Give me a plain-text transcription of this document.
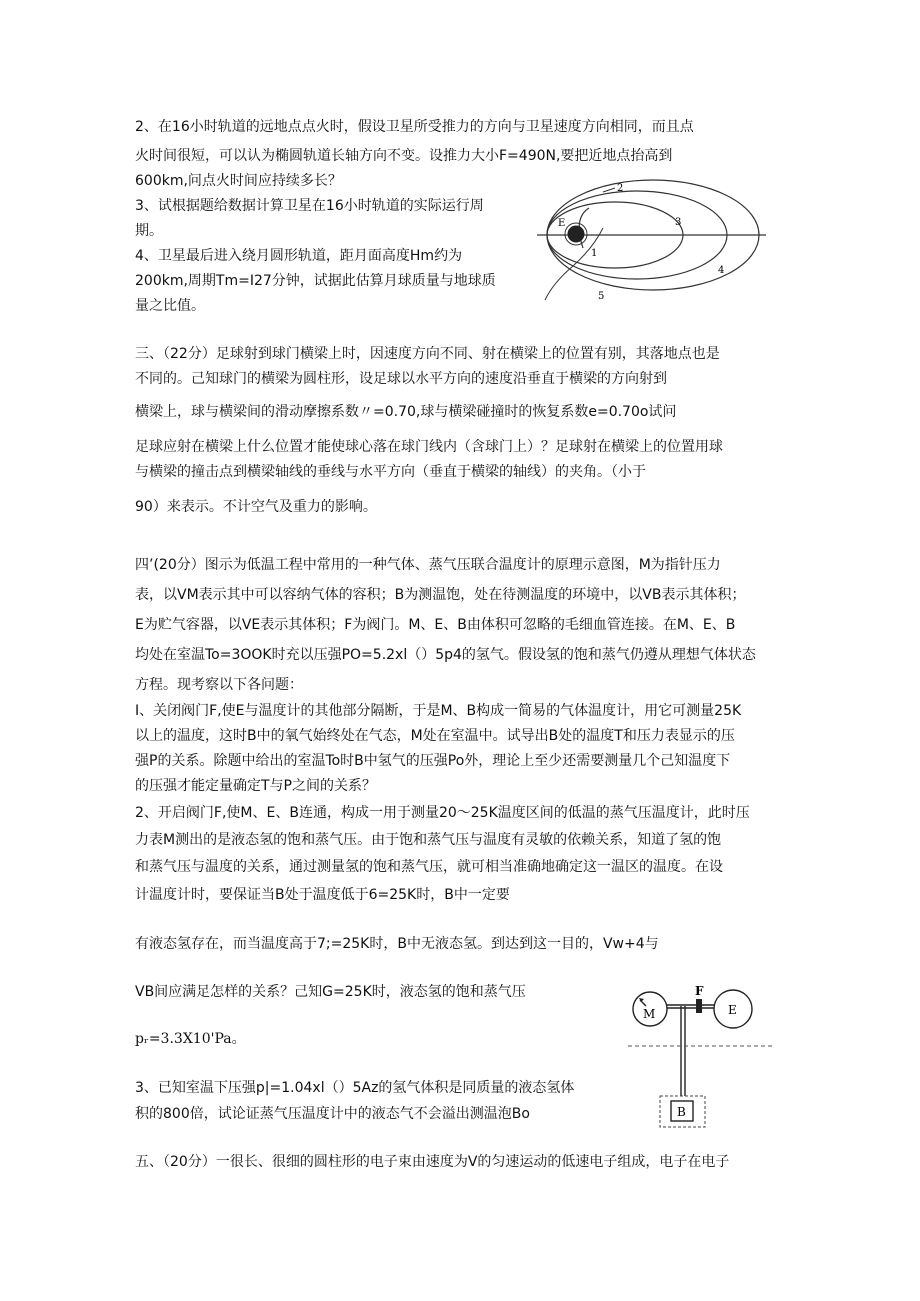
2、在16小时轨道的远地点点火时，假设卫星所受推力的方向与卫星速度方向相同，而且点
火时间很短，可以认为椭圆轨道长轴方向不变。设推力大小F=490N,要把近地点抬高到
600km,问点火时间应持续多长？
3、试根据题给数据计算卫星在16小时轨道的实际运行周
期。
4、卫星最后进入绕月圆形轨道，距月面高度Hm约为
200km,周期Tm=I27分钟，试据此估算月球质量与地球质
量之比值。
E
1
2
3
4
5
三、（22分）足球射到球门横梁上时，因速度方向不同、射在横梁上的位置有别，其落地点也是
不同的。己知球门的横梁为圆柱形，设足球以水平方向的速度沿垂直于横梁的方向射到
横梁上，球与横梁间的滑动摩擦系数〃=0.70,球与横梁碰撞时的恢复系数e=0.70o试问
足球应射在横梁上什么位置才能使球心落在球门线内（含球门上）？足球射在横梁上的位置用球
与横梁的撞击点到横梁轴线的垂线与水平方向（垂直于横梁的轴线）的夹角。（小于
90）来表示。不计空气及重力的影响。
四’(20分）图示为低温工程中常用的一种气体、蒸气压联合温度计的原理示意图，M为指针压力
表，以VM表示其中可以容纳气体的容积；B为测温饱，处在待测温度的环境中，以VB表示其体积；
E为贮气容器，以VE表示其体积；F为阀门。M、E、B由体积可忽略的毛细血管连接。在M、E、B
均处在室温To=3OOK时充以压强PO=5.2xl（）5p4的氢气。假设氢的饱和蒸气仍遵从理想气体状态
方程。现考察以下各问题：
I、关闭阀门F,使E与温度计的其他部分隔断，于是M、B构成一简易的气体温度计，用它可测量25K
以上的温度，这时B中的氧气始终处在气态，M处在室温中。试导出B处的温度T和压力表显示的压
强P的关系。除题中给出的室温To时B中氢气的压强Po外，理论上至少还需要测量几个己知温度下
的压强才能定量确定T与P之间的关系？
2、开启阀门F,使M、E、B连通，构成一用于测量20〜25K温度区间的低温的蒸气压温度计，此时压
力表M测出的是液态氢的饱和蒸气压。由于饱和蒸气压与温度有灵敏的依赖关系，知道了氢的饱
和蒸气压与温度的关系，通过测量氢的饱和蒸气压，就可相当准确地确定这一温区的温度。在设
计温度计时，要保证当B处于温度低于6=25K时，B中一定要
有液态氢存在，而当温度高于7;=25K时，B中无液态氢。到达到这一目的，Vw+4与
VB间应满足怎样的关系？己知G=25K时，液态氢的饱和蒸气压
pᵣ=3.3X10'Pa。
3、已知室温下压强p|=1.04xl（）5Az的氢气体积是同质量的液态氢体
积的800倍，试论证蒸气压温度计中的液态气不会溢出测温泡Bo
M
F
E
B
五、（20分）一很长、很细的圆柱形的电子束由速度为V的匀速运动的低速电子组成，电子在电子
